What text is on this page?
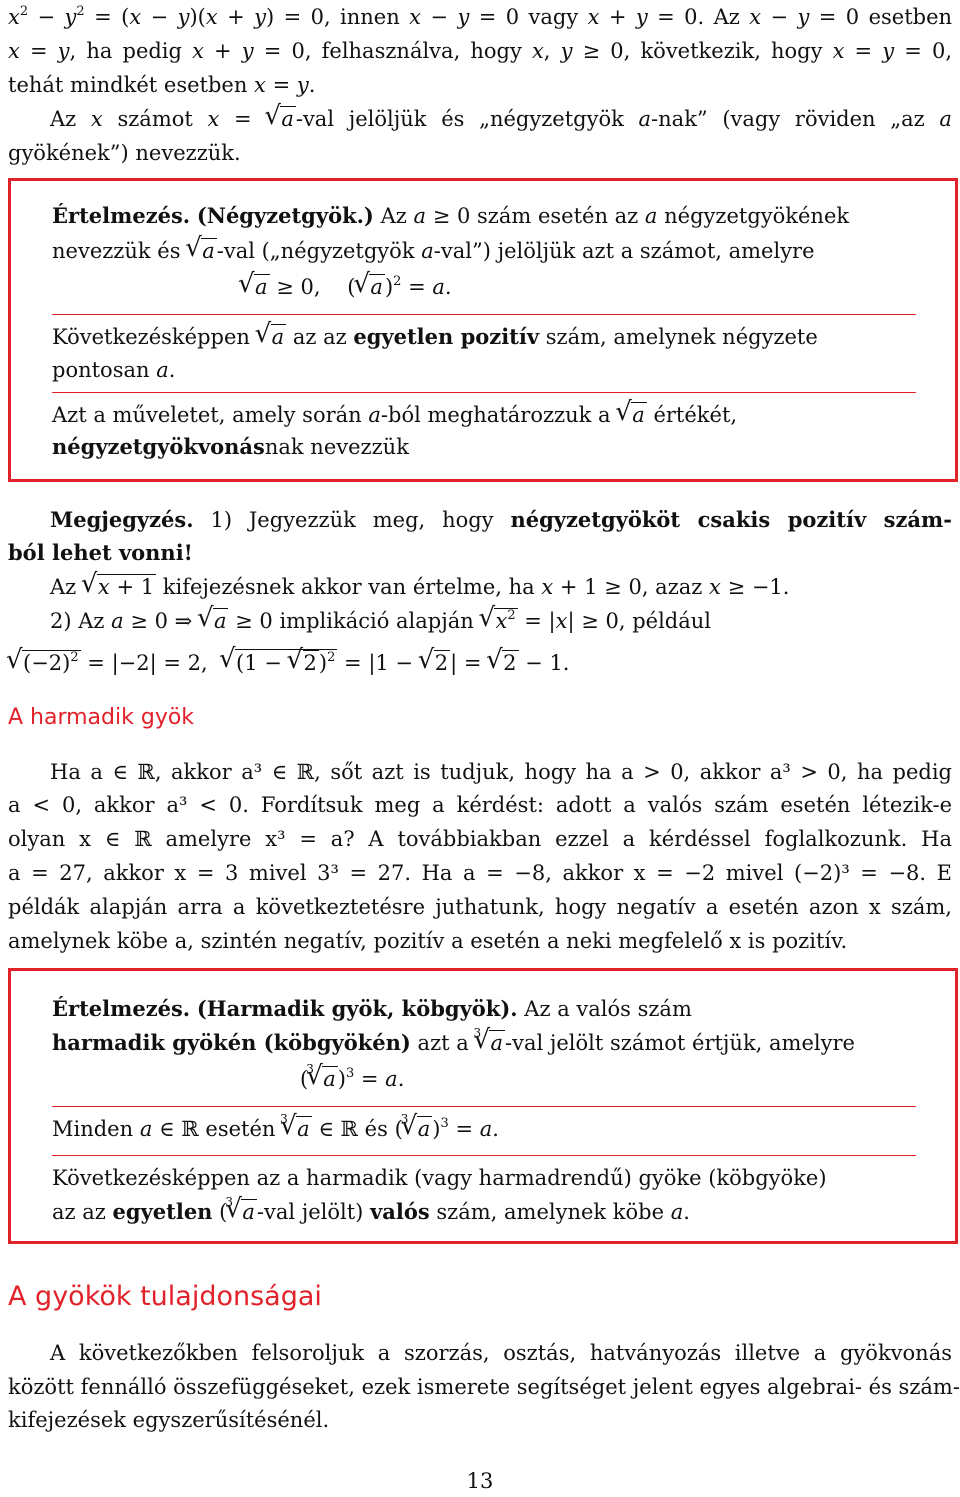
$x^2 - y^2 = (x - y)(x + y) = 0$, innen x − y = 0 vagy x + y = 0. Az x − y = 0 esetben
x = y, ha pedig x + y = 0, felhasználva, hogy x, y ≥ 0, következik, hogy x = y = 0,
tehát mindkét esetben x = y.
Az x számot x = √ a-val jelöljük és „négyzetgyök a-nak” (vagy röviden „az a
gyökének”) nevezzük.
Értelmezés. (Négyzetgyök.) Az a ≥ 0 szám esetén az a négyzetgyökének
nevezzük és √ a-val („négyzetgyök a-val”) jelöljük azt a számot, amelyre
√ a ≥ 0,    ( √ a)$^2$ = a.
Következésképpen √ a az az egyetlen pozitív szám, amelynek négyzete
pontosan a.
Azt a műveletet, amely során a-ból meghatározzuk a √ a értékét,
négyzetgyökvonásnak nevezzük
Megjegyzés. 1) Jegyezzük meg, hogy négyzetgyököt csakis pozitív szám-
ból lehet vonni!
Az √ x + 1 kifejezésnek akkor van értelme, ha x + 1 ≥ 0, azaz x ≥ −1.
2) Az a ≥ 0 ⇒ √ a ≥ 0 implikáció alapján √ $x^2 = |x| \ge 0$, például
√ $(-2)^2 = |-2| = 2$,  √ (1 − √ 2)$^2$ = |1 − √ 2| = √ 2 − 1.
A harmadik gyök
Ha a ∈ ℝ, akkor a³ ∈ ℝ, sőt azt is tudjuk, hogy ha a > 0, akkor a³ > 0, ha pedig
a < 0, akkor a³ < 0. Fordítsuk meg a kérdést: adott a valós szám esetén létezik-e
olyan x ∈ ℝ amelyre x³ = a? A továbbiakban ezzel a kérdéssel foglalkozunk. Ha
a = 27, akkor x = 3 mivel 3³ = 27. Ha a = −8, akkor x = −2 mivel (−2)³ = −8. E
példák alapján arra a következtetésre juthatunk, hogy negatív a esetén azon x szám,
amelynek köbe a, szintén negatív, pozitív a esetén a neki megfelelő x is pozitív.
Értelmezés. (Harmadik gyök, köbgyök). Az a valós szám
harmadik gyökén (köbgyökén) azt a √ 3 a-val jelölt számot értjük, amelyre
(
√ 3 a)$^3$ = a.
Minden a ∈ ℝ esetén √ 3 a ∈ ℝ és (
√ 3 a)$^3$ = a.
Következésképpen az a harmadik (vagy harmadrendű) gyöke (köbgyöke)
az az egyetlen (
√ 3 a-val jelölt) valós szám, amelynek köbe a.
A gyökök tulajdonságai
A következőkben felsoroljuk a szorzás, osztás, hatványozás illetve a gyökvonás
között fennálló összefüggéseket, ezek ismerete segítséget jelent egyes algebrai- és szám-
kifejezések egyszerűsítésénél.
13
